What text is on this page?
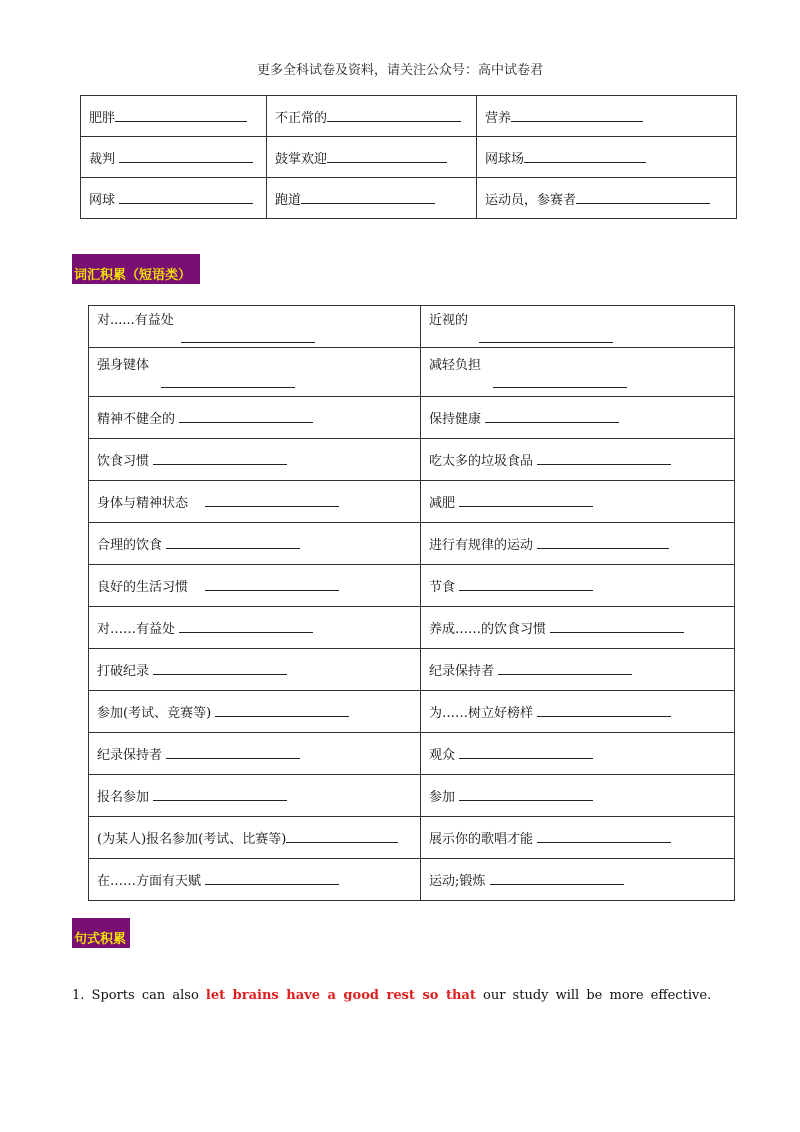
更多全科试卷及资料，请关注公众号：高中试卷君
肥胖	不正常的	营养
裁判	鼓掌欢迎	网球场
网球	跑道	运动员，参赛者
词汇积累（短语类）
对......有益处	近视的

强身键体	减轻负担

精神不健全的	保持健康
饮食习惯	吃太多的垃圾食品
身体与精神状态	减肥
合理的饮食	进行有规律的运动
良好的生活习惯	节食
对……有益处	养成……的饮食习惯
打破纪录	纪录保持者
参加(考试、竞赛等)	为……树立好榜样
纪录保持者	观众
报名参加	参加
(为某人)报名参加(考试、比赛等)	展示你的歌唱才能
在……方面有天赋	运动;锻炼
句式积累
1. Sports can also let brains have a good rest so that our study will be more effective.
